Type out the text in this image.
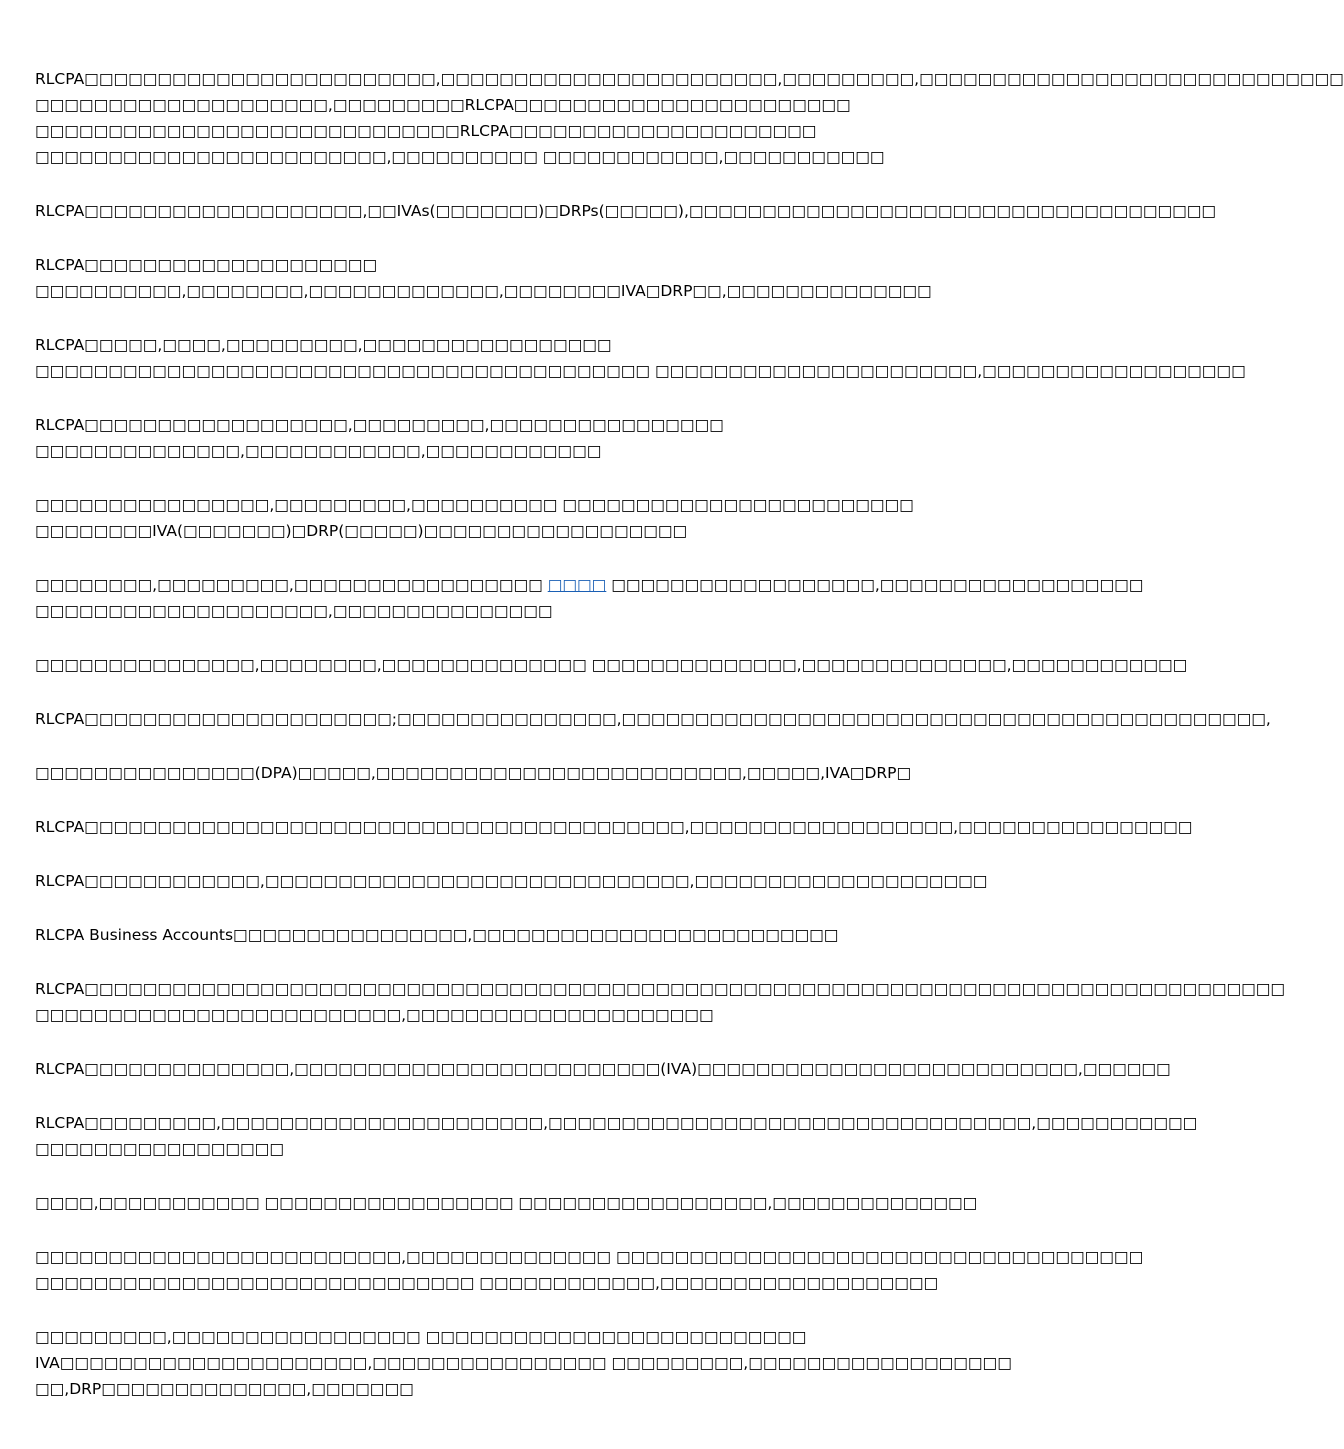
RLCPA□□□□□□□□□□□□□□□□□□□□□□□□,□□□□□□□□□□□□□□□□□□□□□□□,□□□□□□□□□,□□□□□□□□□□□□□□□□□□□□□□□□□□□□□
□□□□□□□□□□□□□□□□□□□□,□□□□□□□□□RLCPA□□□□□□□□□□□□□□□□□□□□□□□
□□□□□□□□□□□□□□□□□□□□□□□□□□□□□RLCPA□□□□□□□□□□□□□□□□□□□□□
□□□□□□□□□□□□□□□□□□□□□□□□,□□□□□□□□□□ □□□□□□□□□□□□,□□□□□□□□□□□
RLCPA□□□□□□□□□□□□□□□□□□□,□□IVAs(□□□□□□□)□DRPs(□□□□□),□□□□□□□□□□□□□□□□□□□□□□□□□□□□□□□□□□□□
RLCPA□□□□□□□□□□□□□□□□□□□□
□□□□□□□□□□,□□□□□□□□,□□□□□□□□□□□□□,□□□□□□□□IVA□DRP□□,□□□□□□□□□□□□□□
RLCPA□□□□□,□□□□,□□□□□□□□□,□□□□□□□□□□□□□□□□□
□□□□□□□□□□□□□□□□□□□□□□□□□□□□□□□□□□□□□□□□□□ □□□□□□□□□□□□□□□□□□□□□□,□□□□□□□□□□□□□□□□□□
RLCPA□□□□□□□□□□□□□□□□□□,□□□□□□□□□,□□□□□□□□□□□□□□□□
□□□□□□□□□□□□□□,□□□□□□□□□□□□,□□□□□□□□□□□□
□□□□□□□□□□□□□□□□,□□□□□□□□□,□□□□□□□□□□ □□□□□□□□□□□□□□□□□□□□□□□□
□□□□□□□□IVA(□□□□□□□)□DRP(□□□□□)□□□□□□□□□□□□□□□□□□
□□□□□□□□,□□□□□□□□□,□□□□□□□□□□□□□□□□□ □□□□ □□□□□□□□□□□□□□□□□□,□□□□□□□□□□□□□□□□□□
□□□□□□□□□□□□□□□□□□□□,□□□□□□□□□□□□□□□
□□□□□□□□□□□□□□□,□□□□□□□□,□□□□□□□□□□□□□□ □□□□□□□□□□□□□□,□□□□□□□□□□□□□□,□□□□□□□□□□□□
RLCPA□□□□□□□□□□□□□□□□□□□□□;□□□□□□□□□□□□□□□,□□□□□□□□□□□□□□□□□□□□□□□□□□□□□□□□□□□□□□□□□□□□,
□□□□□□□□□□□□□□□(DPA)□□□□□,□□□□□□□□□□□□□□□□□□□□□□□□□,□□□□□,IVA□DRP□
RLCPA□□□□□□□□□□□□□□□□□□□□□□□□□□□□□□□□□□□□□□□□□,□□□□□□□□□□□□□□□□□□,□□□□□□□□□□□□□□□□
RLCPA□□□□□□□□□□□□,□□□□□□□□□□□□□□□□□□□□□□□□□□□□□,□□□□□□□□□□□□□□□□□□□□
RLCPA Business Accounts□□□□□□□□□□□□□□□□,□□□□□□□□□□□□□□□□□□□□□□□□□
RLCPA□□□□□□□□□□□□□□□□□□□□□□□□□□□□□□□□□□□□□□□□□□□□□□□□□□□□□□□□□□□□□□□□□□□□□□□□□□□□□□□□□□
□□□□□□□□□□□□□□□□□□□□□□□□□,□□□□□□□□□□□□□□□□□□□□□
RLCPA□□□□□□□□□□□□□□,□□□□□□□□□□□□□□□□□□□□□□□□□(IVA)□□□□□□□□□□□□□□□□□□□□□□□□□□,□□□□□□
RLCPA□□□□□□□□□,□□□□□□□□□□□□□□□□□□□□□□,□□□□□□□□□□□□□□□□□□□□□□□□□□□□□□□□□,□□□□□□□□□□□
□□□□□□□□□□□□□□□□□
□□□□,□□□□□□□□□□□ □□□□□□□□□□□□□□□□□ □□□□□□□□□□□□□□□□□,□□□□□□□□□□□□□□
□□□□□□□□□□□□□□□□□□□□□□□□□,□□□□□□□□□□□□□□ □□□□□□□□□□□□□□□□□□□□□□□□□□□□□□□□□□□□
□□□□□□□□□□□□□□□□□□□□□□□□□□□□□□ □□□□□□□□□□□□,□□□□□□□□□□□□□□□□□□□
□□□□□□□□□,□□□□□□□□□□□□□□□□□ □□□□□□□□□□□□□□□□□□□□□□□□□□
IVA□□□□□□□□□□□□□□□□□□□□□,□□□□□□□□□□□□□□□□ □□□□□□□□□,□□□□□□□□□□□□□□□□□□
□□,DRP□□□□□□□□□□□□□□,□□□□□□□
